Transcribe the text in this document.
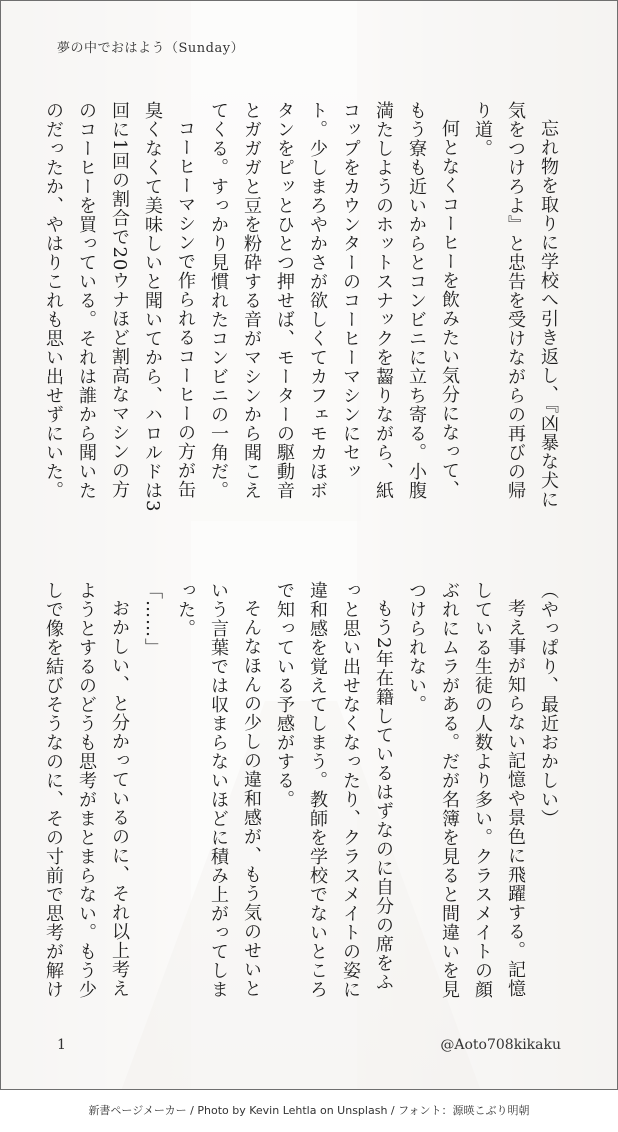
夢の中でおはよう（Sunday）

忘れ物を取りに学校へ引き返し、『凶暴な犬に気をつけろよ』と忠告を受けながらの再びの帰り道。

何となくコーヒーを飲みたい気分になって、もう寮も近いからとコンビニに立ち寄る。小腹満たしようのホットスナックを齧りながら、紙コップをカウンターのコーヒーマシンにセット。少しまろやかさが欲しくてカフェモカほボタンをピッとひとつ押せば、モーターの駆動音とガガガと豆を粉砕する音がマシンから聞こえてくる。すっかり見慣れたコンビニの一角だ。

コーヒーマシンで作られるコーヒーの方が缶臭くなくて美味しいと聞いてから、ハロルドは3回に1回の割合で20ウナほど割高なマシンの方のコーヒーを買っている。それは誰から聞いたのだったか、やはりこれも思い出せずにいた。

（やっぱり、最近おかしい）

考え事が知らない記憶や景色に飛躍する。記憶している生徒の人数より多い。クラスメイトの顔ぶれにムラがある。だが名簿を見ると間違いを見つけられない。

もう2年在籍しているはずなのに自分の席をふっと思い出せなくなったり、クラスメイトの姿に違和感を覚えてしまう。教師を学校でないところで知っている予感がする。

そんなほんの少しの違和感が、もう気のせいという言葉では収まらないほどに積み上がってしまった。

「……」

おかしい、と分かっているのに、それ以上考えようとするのどうも思考がまとまらない。もう少しで像を結びそうなのに、その寸前で思考が解け

1	@Aoto708kikaku
新書ページメーカー / Photo by Kevin Lehtla on Unsplash / フォント：源暎こぶり明朝
